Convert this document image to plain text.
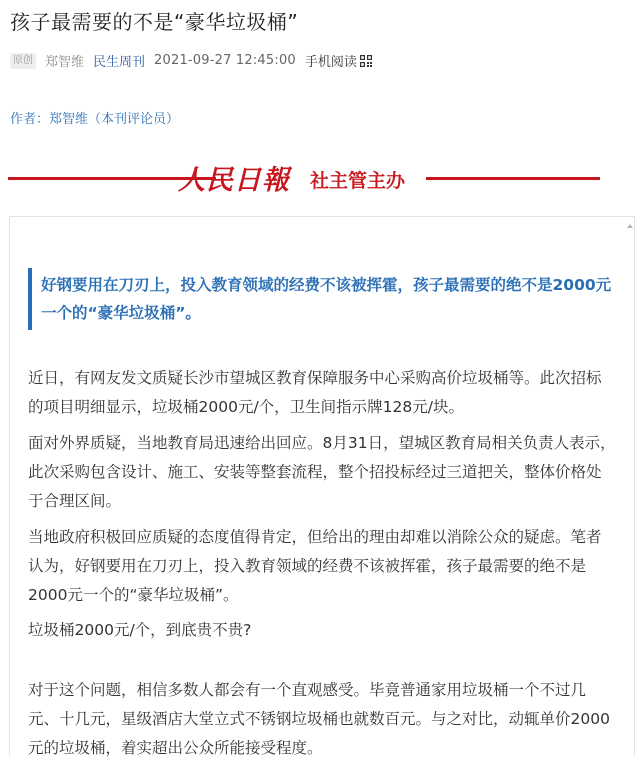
孩子最需要的不是“豪华垃圾桶”
原创 郑智维 民生周刊 2021-09-27 12:45:00 手机阅读
作者：郑智维（本刊评论员）
人民日報 社主管主办
好钢要用在刀刃上，投入教育领域的经费不该被挥霍，孩子最需要的绝不是2000元一个的“豪华垃圾桶”。

近日，有网友发文质疑长沙市望城区教育保障服务中心采购高价垃圾桶等。此次招标的项目明细显示，垃圾桶2000元/个，卫生间指示牌128元/块。

面对外界质疑，当地教育局迅速给出回应。8月31日，望城区教育局相关负责人表示，此次采购包含设计、施工、安装等整套流程，整个招投标经过三道把关，整体价格处于合理区间。

当地政府积极回应质疑的态度值得肯定，但给出的理由却难以消除公众的疑虑。笔者认为，好钢要用在刀刃上，投入教育领域的经费不该被挥霍，孩子最需要的绝不是2000元一个的“豪华垃圾桶”。

垃圾桶2000元/个，到底贵不贵?

对于这个问题，相信多数人都会有一个直观感受。毕竟普通家用垃圾桶一个不过几元、十几元，星级酒店大堂立式不锈钢垃圾桶也就数百元。与之对比，动辄单价2000元的垃圾桶，着实超出公众所能接受程度。
